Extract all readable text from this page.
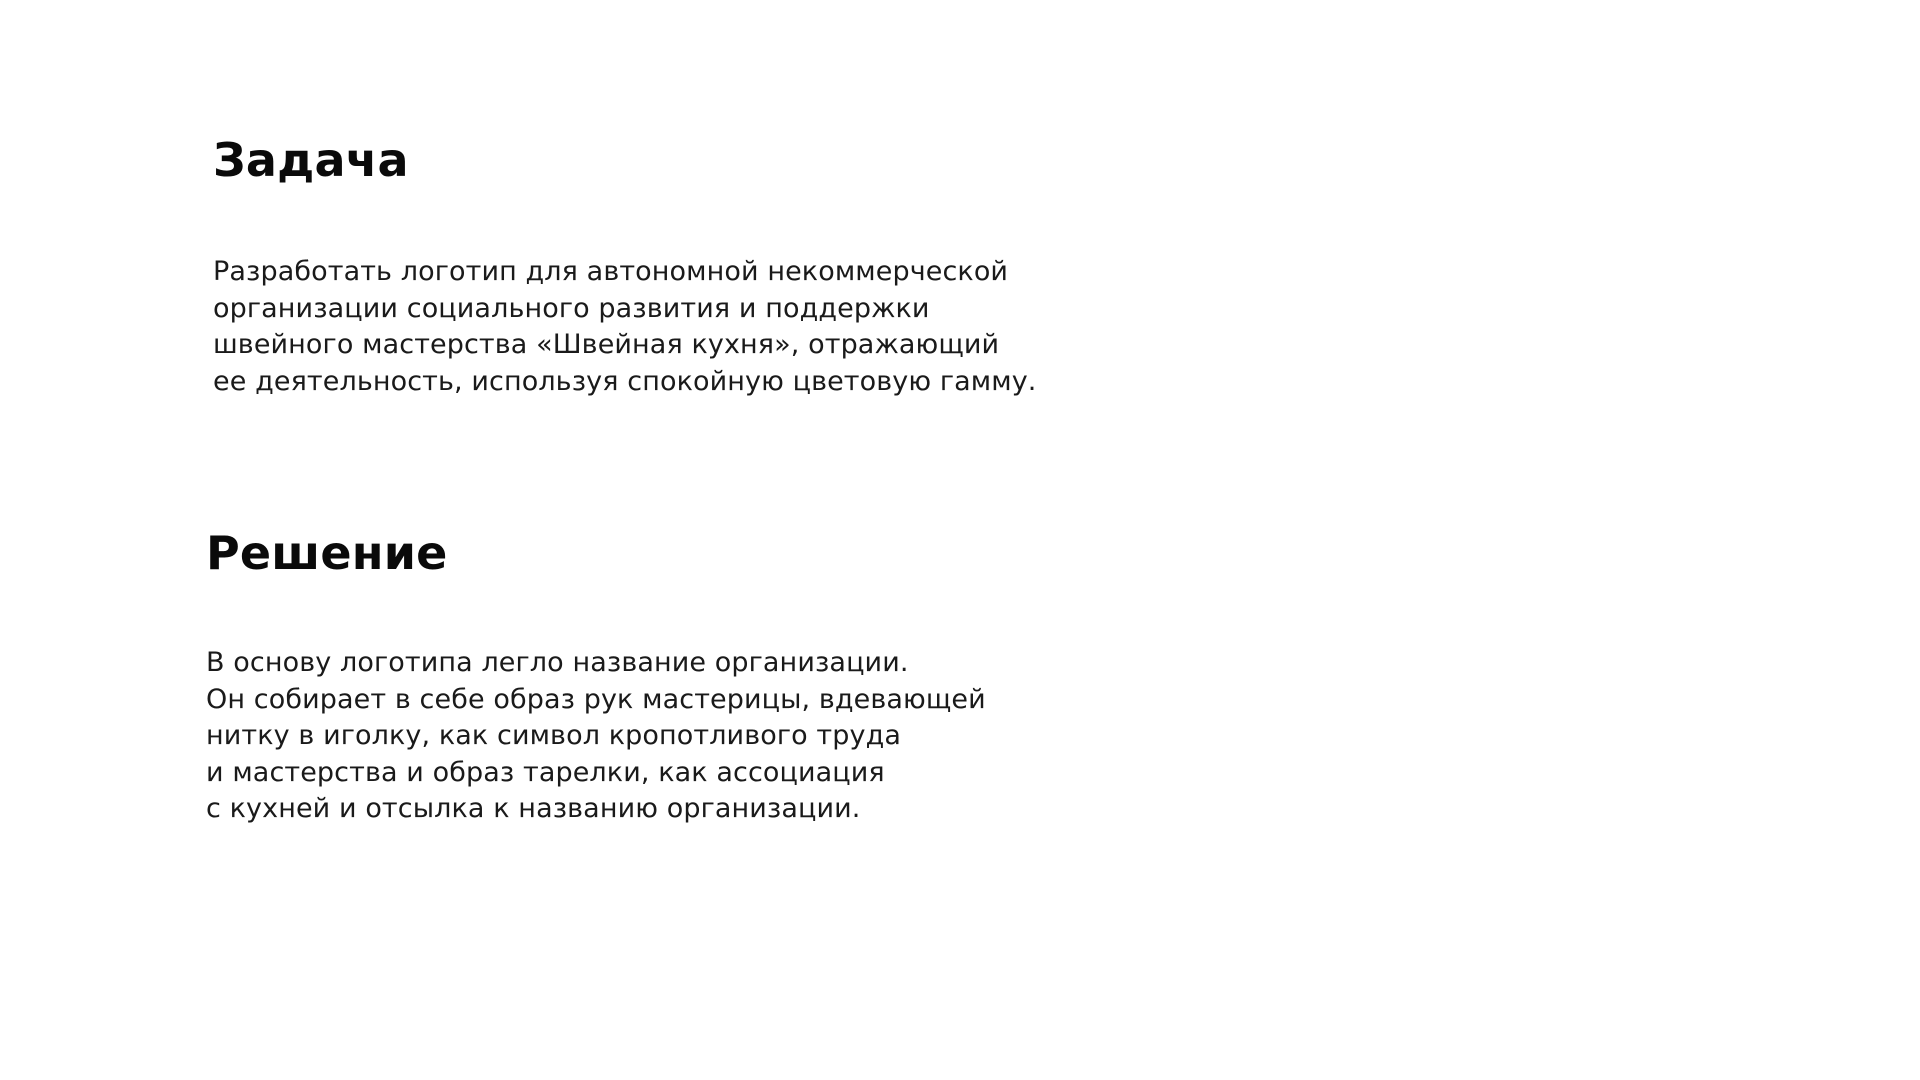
Задача

Разработать логотип для автономной некоммерческой
организации социального развития и поддержки
швейного мастерства «Швейная кухня», отражающий
ее деятельность, используя спокойную цветовую гамму.

Решение

В основу логотипа легло название организации.
Он собирает в себе образ рук мастерицы, вдевающей
нитку в иголку, как символ кропотливого труда
и мастерства и образ тарелки, как ассоциация
с кухней и отсылка к названию организации.
